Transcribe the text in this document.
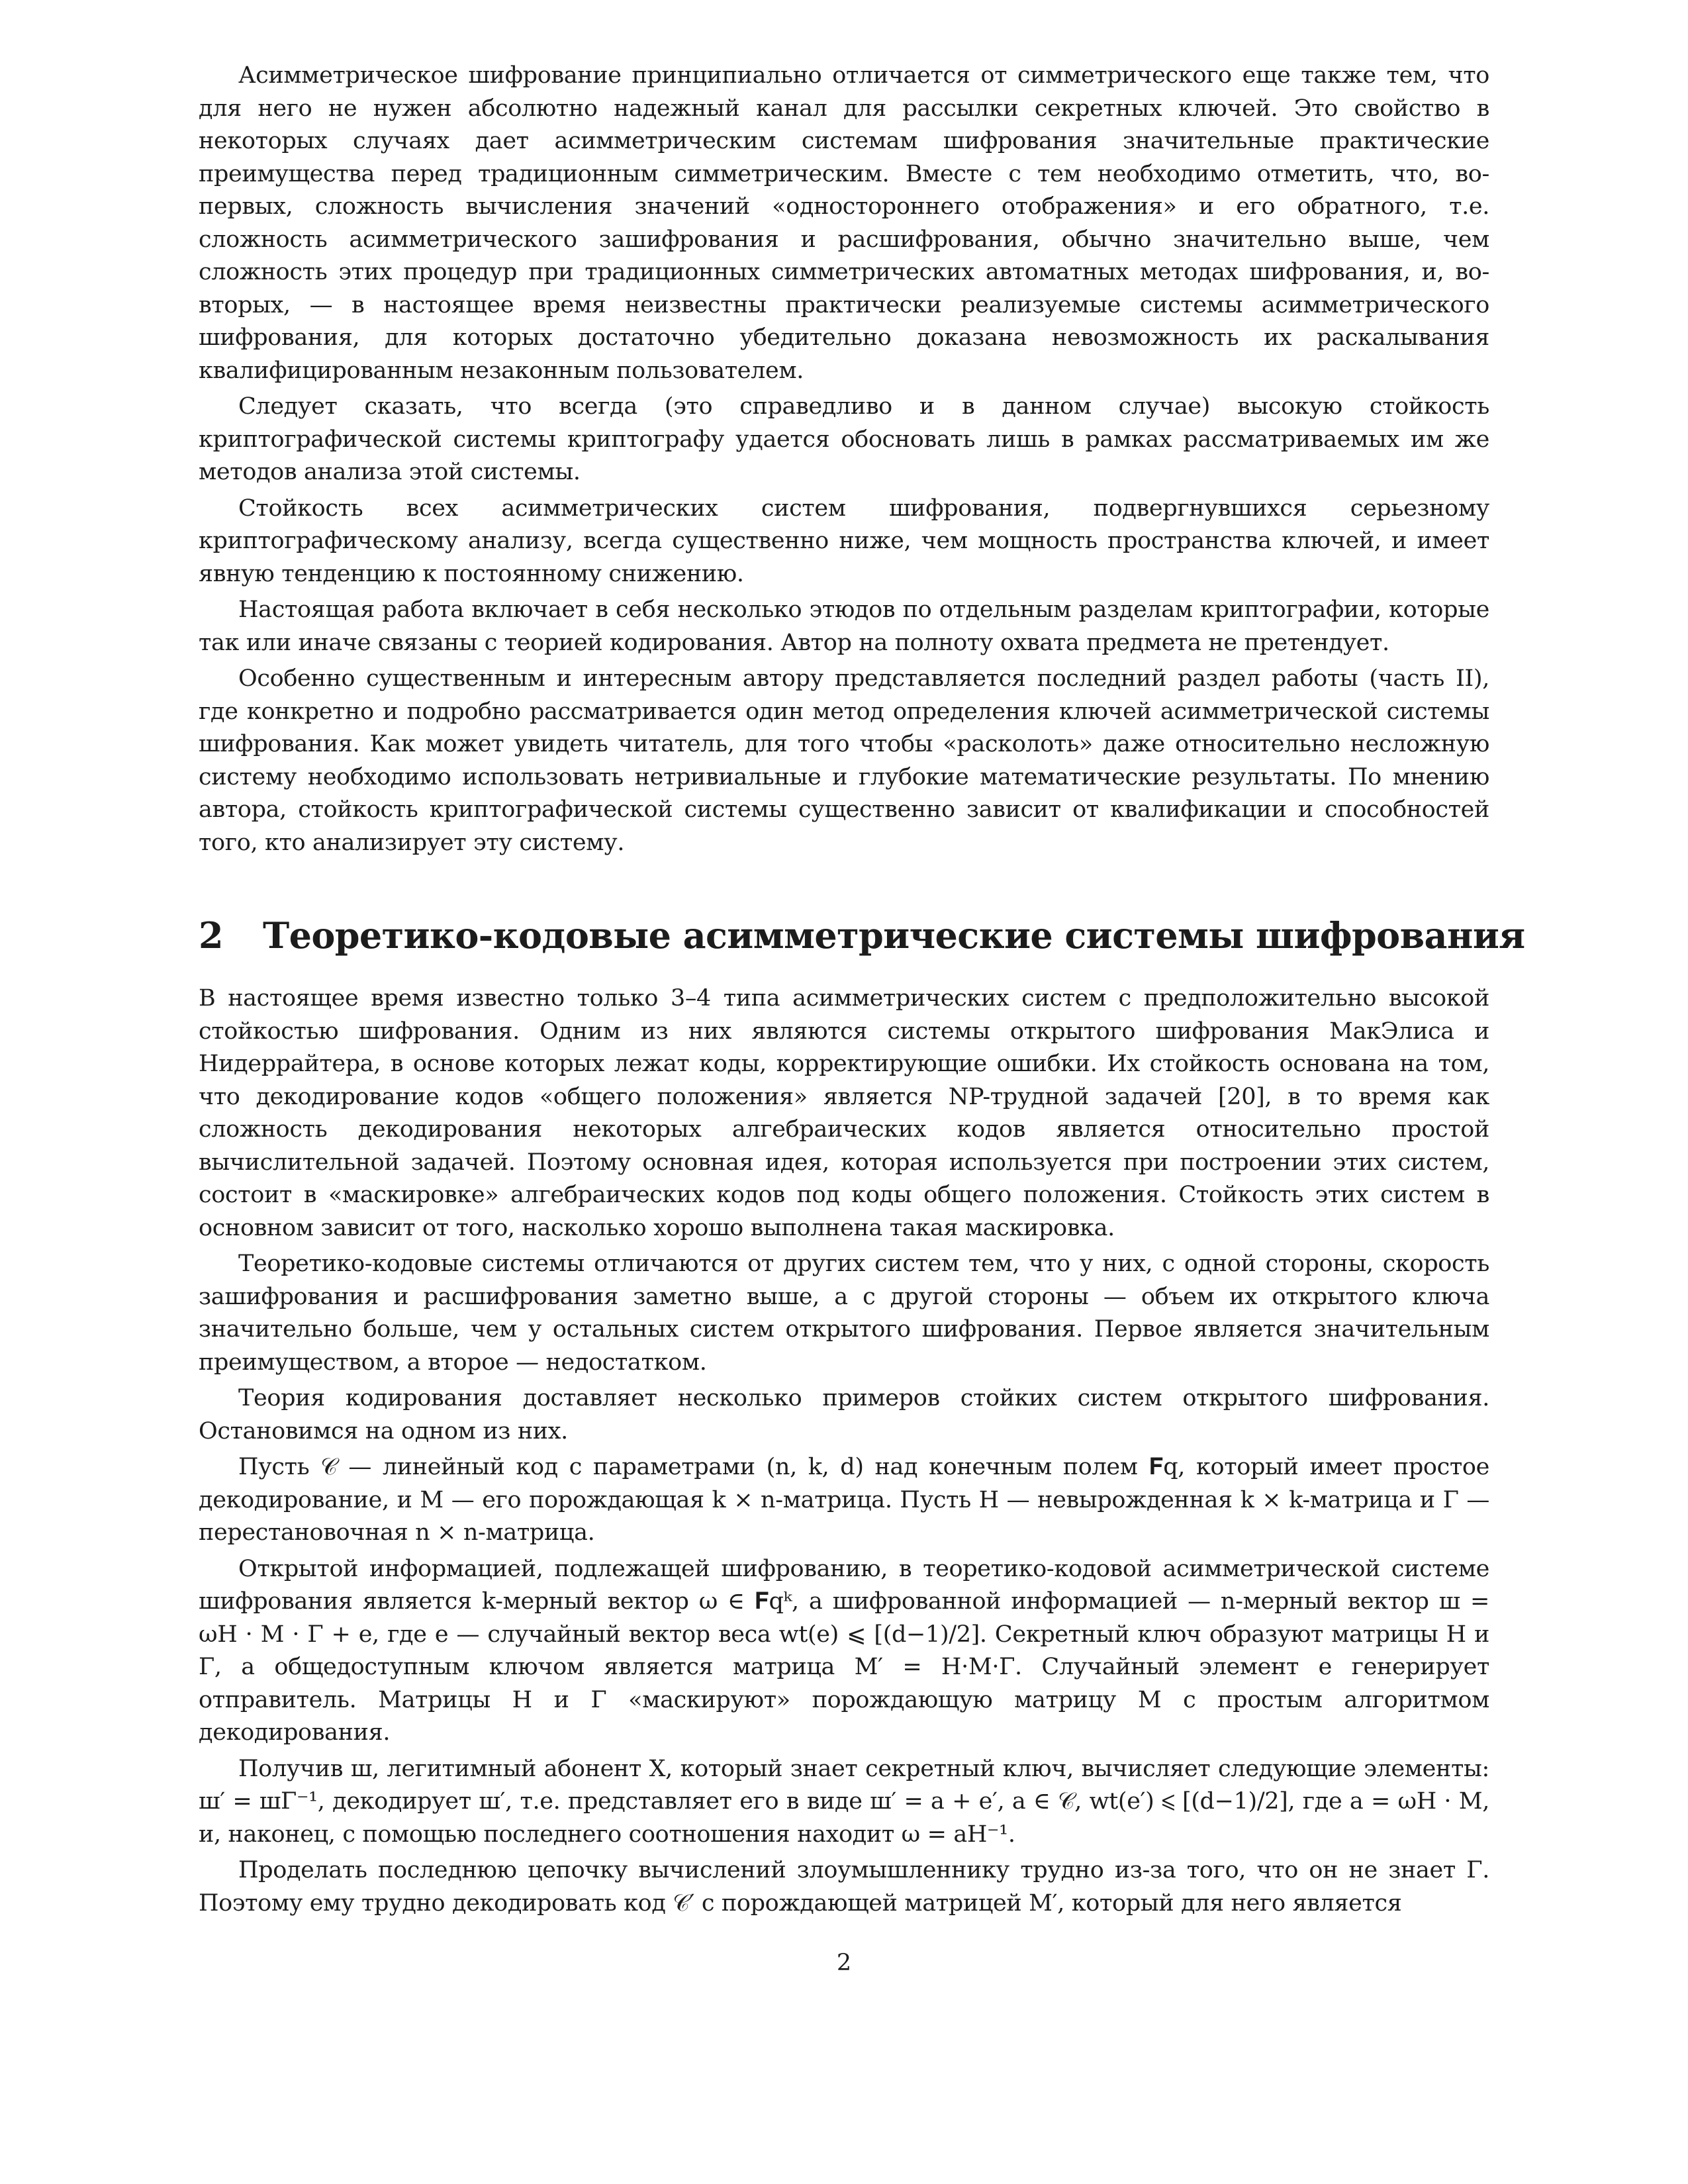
Асимметрическое шифрование принципиально отличается от симметрического еще также тем, что для него не нужен абсолютно надежный канал для рассылки секретных ключей. Это свойство в некоторых случаях дает асимметрическим системам шифрования значительные практические преимущества перед традиционным симметрическим. Вместе с тем необходимо отметить, что, во-первых, сложность вычисления значений «одностороннего отображения» и его обратного, т.е. сложность асимметрического зашифрования и расшифрования, обычно значительно выше, чем сложность этих процедур при традиционных симметрических автоматных методах шифрования, и, во-вторых, — в настоящее время неизвестны практически реализуемые системы асимметрического шифрования, для которых достаточно убедительно доказана невозможность их раскалывания квалифицированным незаконным пользователем.

Следует сказать, что всегда (это справедливо и в данном случае) высокую стойкость криптографической системы криптографу удается обосновать лишь в рамках рассматриваемых им же методов анализа этой системы.

Стойкость всех асимметрических систем шифрования, подвергнувшихся серьезному криптографическому анализу, всегда существенно ниже, чем мощность пространства ключей, и имеет явную тенденцию к постоянному снижению.

Настоящая работа включает в себя несколько этюдов по отдельным разделам криптографии, которые так или иначе связаны с теорией кодирования. Автор на полноту охвата предмета не претендует.

Особенно существенным и интересным автору представляется последний раздел работы (часть II), где конкретно и подробно рассматривается один метод определения ключей асимметрической системы шифрования. Как может увидеть читатель, для того чтобы «расколоть» даже относительно несложную систему необходимо использовать нетривиальные и глубокие математические результаты. По мнению автора, стойкость криптографической системы существенно зависит от квалификации и способностей того, кто анализирует эту систему.

2 Теоретико-кодовые асимметрические системы шифрования

В настоящее время известно только 3–4 типа асимметрических систем с предположительно высокой стойкостью шифрования. Одним из них являются системы открытого шифрования МакЭлиса и Нидеррайтера, в основе которых лежат коды, корректирующие ошибки. Их стойкость основана на том, что декодирование кодов «общего положения» является NP-трудной задачей [20], в то время как сложность декодирования некоторых алгебраических кодов является относительно простой вычислительной задачей. Поэтому основная идея, которая используется при построении этих систем, состоит в «маскировке» алгебраических кодов под коды общего положения. Стойкость этих систем в основном зависит от того, насколько хорошо выполнена такая маскировка.

Теоретико-кодовые системы отличаются от других систем тем, что у них, с одной стороны, скорость зашифрования и расшифрования заметно выше, а с другой стороны — объем их открытого ключа значительно больше, чем у остальных систем открытого шифрования. Первое является значительным преимуществом, а второе — недостатком.

Теория кодирования доставляет несколько примеров стойких систем открытого шифрования. Остановимся на одном из них.

Пусть 𝒞 — линейный код с параметрами (n, k, d) над конечным полем 𝐅q, который имеет простое декодирование, и M — его порождающая k × n-матрица. Пусть H — невырожденная k × k-матрица и Γ — перестановочная n × n-матрица.

Открытой информацией, подлежащей шифрованию, в теоретико-кодовой асимметрической системе шифрования является k-мерный вектор ω ∈ 𝐅qᵏ, а шифрованной информацией — n-мерный вектор ш = ωH · M · Γ + e, где e — случайный вектор веса wt(e) ⩽ [(d−1)/2]. Секретный ключ образуют матрицы H и Γ, а общедоступным ключом является матрица M′ = H·M·Γ. Случайный элемент e генерирует отправитель. Матрицы H и Γ «маскируют» порождающую матрицу M с простым алгоритмом декодирования.

Получив ш, легитимный абонент X, который знает секретный ключ, вычисляет следующие элементы: ш′ = шΓ⁻¹, декодирует ш′, т.е. представляет его в виде ш′ = a + e′, a ∈ 𝒞, wt(e′) ⩽ [(d−1)/2], где a = ωH · M, и, наконец, с помощью последнего соотношения находит ω = aH⁻¹.

Проделать последнюю цепочку вычислений злоумышленнику трудно из-за того, что он не знает Γ. Поэтому ему трудно декодировать код 𝒞′ с порождающей матрицей M′, который для него является

2
